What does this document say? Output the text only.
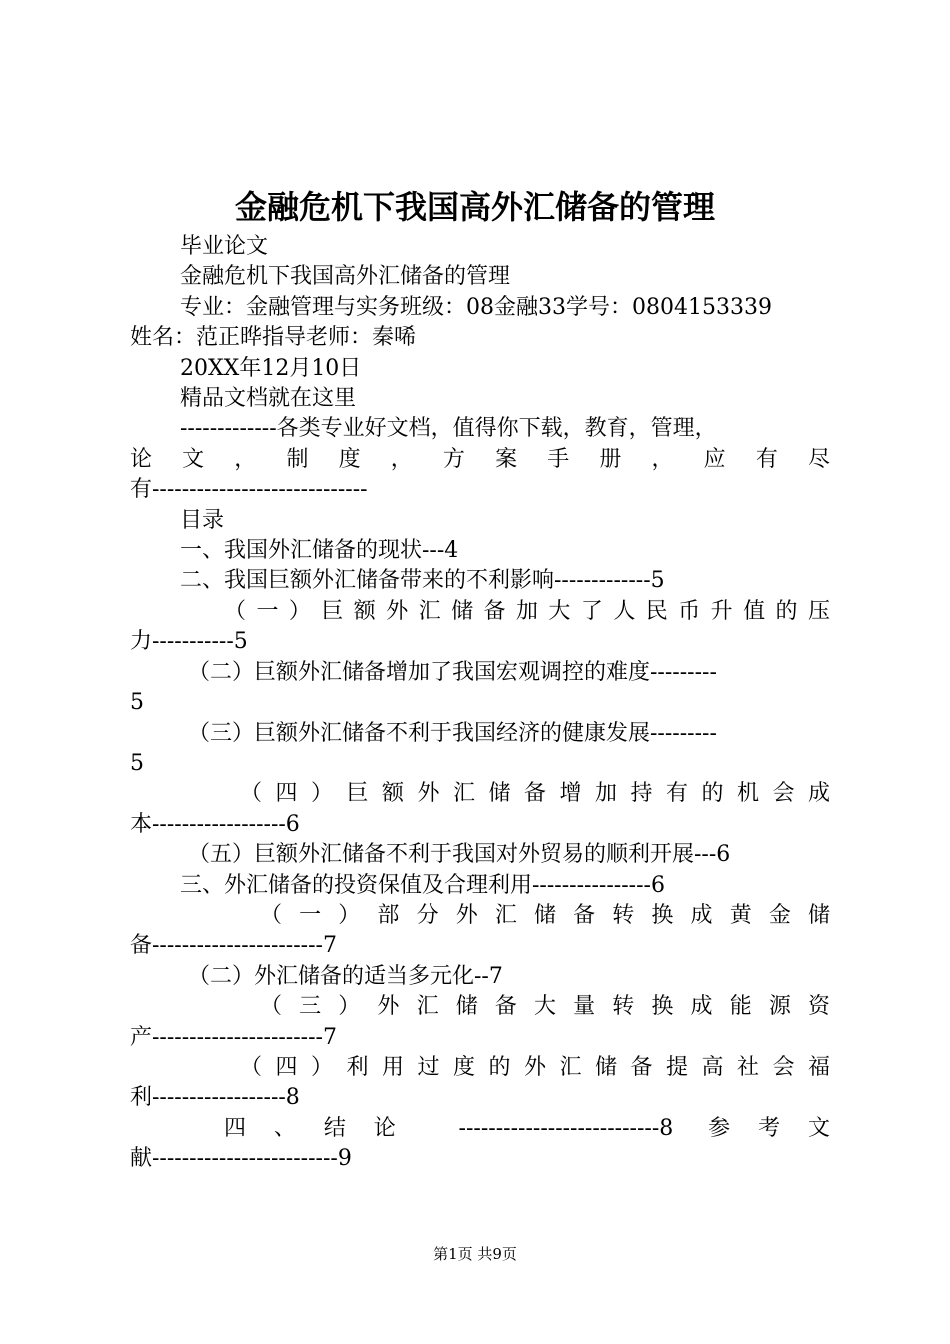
金融危机下我国高外汇储备的管理

毕业论文

金融危机下我国高外汇储备的管理

专业：金融管理与实务班级：08金融33学号：0804153339

姓名：范正晔指导老师：秦唏

20XX年12月10日

精品文档就在这里

-------------各类专业好文档，值得你下载，教育，管理，

论文，制度，方案手册，应有尽

有-----------------------------

目录

一、我国外汇储备的现状---4

二、我国巨额外汇储备带来的不利影响-------------5

（一）巨额外汇储备加大了人民币升值的压

力-----------5

（二）巨额外汇储备增加了我国宏观调控的难度---------

5

（三）巨额外汇储备不利于我国经济的健康发展---------

5

（四）巨额外汇储备增加持有的机会成

本------------------6

（五）巨额外汇储备不利于我国对外贸易的顺利开展---6

三、外汇储备的投资保值及合理利用----------------6

（一）部分外汇储备转换成黄金储

备-----------------------7

（二）外汇储备的适当多元化--7

（三）外汇储备大量转换成能源资

产-----------------------7

（四）利用过度的外汇储备提高社会福

利------------------8

四、结论 ---------------------------8 参考文

献-------------------------9

第1页 共9页
